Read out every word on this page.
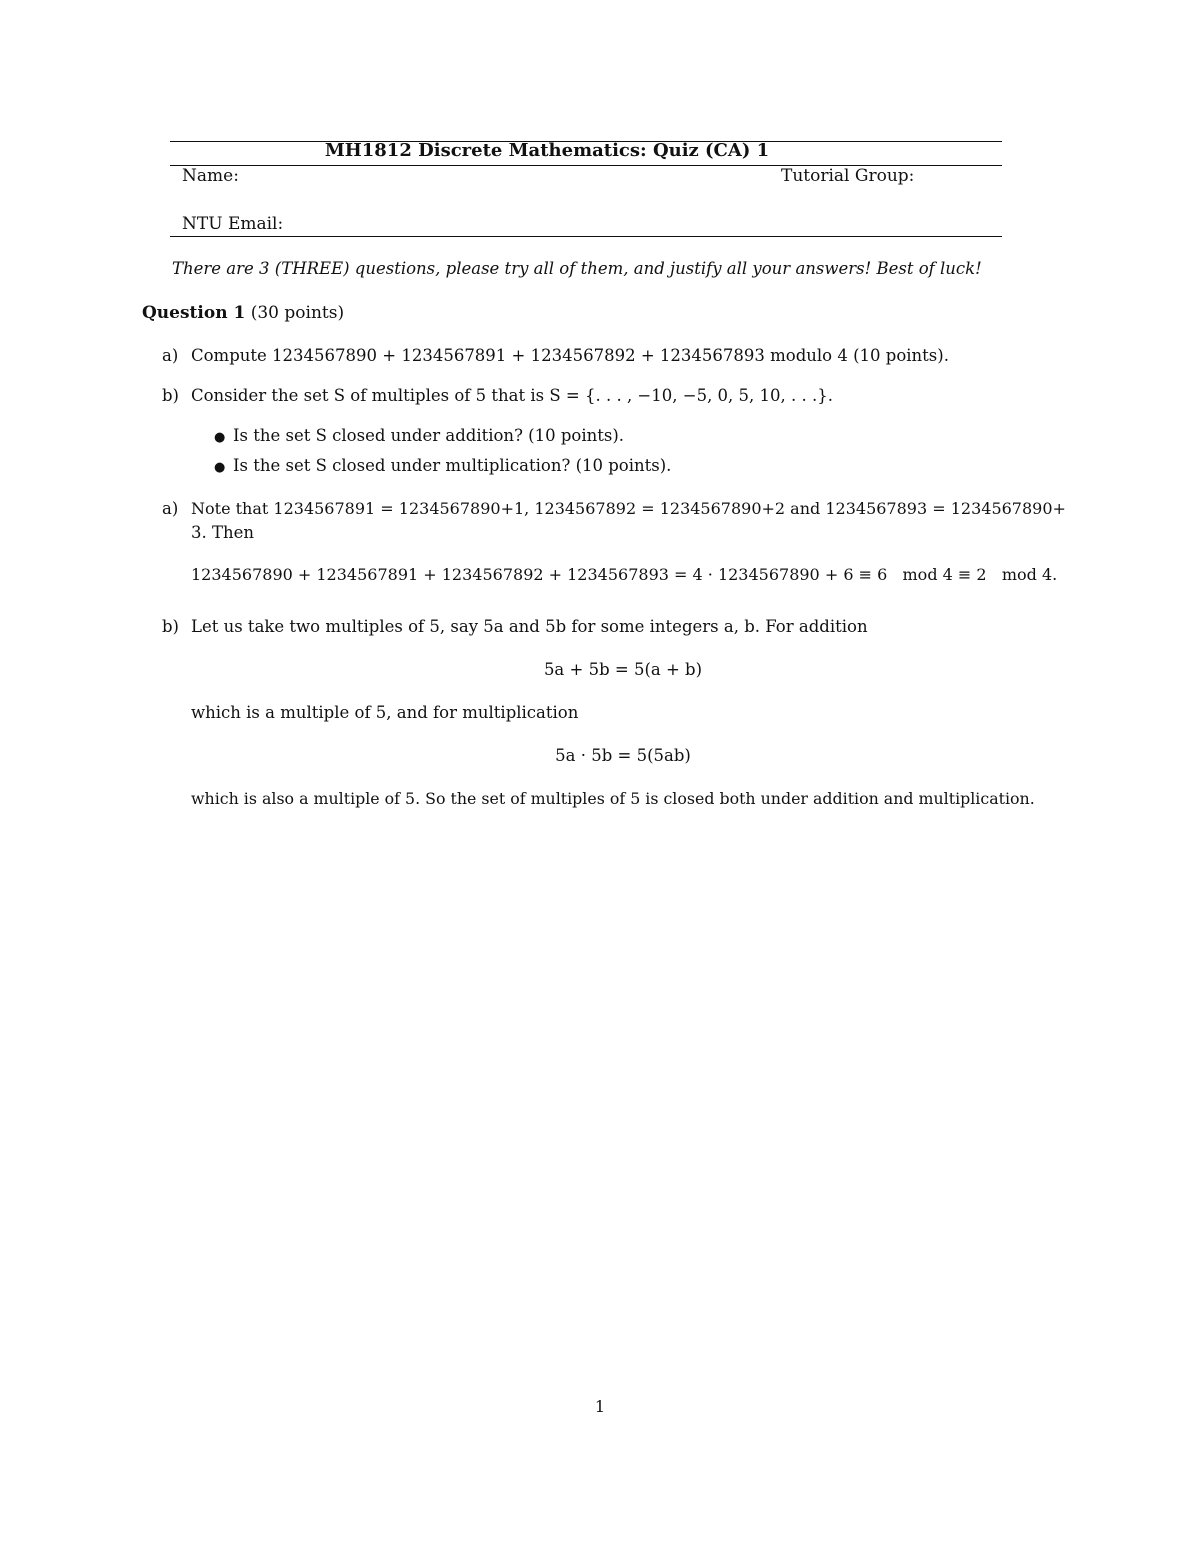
MH1812 Discrete Mathematics: Quiz (CA) 1
Name:	Tutorial Group:
NTU Email:
There are 3 (THREE) questions, please try all of them, and justify all your answers! Best of luck!
Question 1 (30 points)
a) Compute 1234567890 + 1234567891 + 1234567892 + 1234567893 modulo 4 (10 points).
b) Consider the set S of multiples of 5 that is S = {. . . , −10, −5, 0, 5, 10, . . .}.
● Is the set S closed under addition? (10 points).
● Is the set S closed under multiplication? (10 points).
a) Note that 1234567891 = 1234567890+1, 1234567892 = 1234567890+2 and 1234567893 = 1234567890+
3. Then
1234567890 + 1234567891 + 1234567892 + 1234567893 = 4 · 1234567890 + 6 ≡ 6   mod 4 ≡ 2   mod 4.
b) Let us take two multiples of 5, say 5a and 5b for some integers a, b. For addition
5a + 5b = 5(a + b)
which is a multiple of 5, and for multiplication
5a · 5b = 5(5ab)
which is also a multiple of 5. So the set of multiples of 5 is closed both under addition and multiplication.
1
